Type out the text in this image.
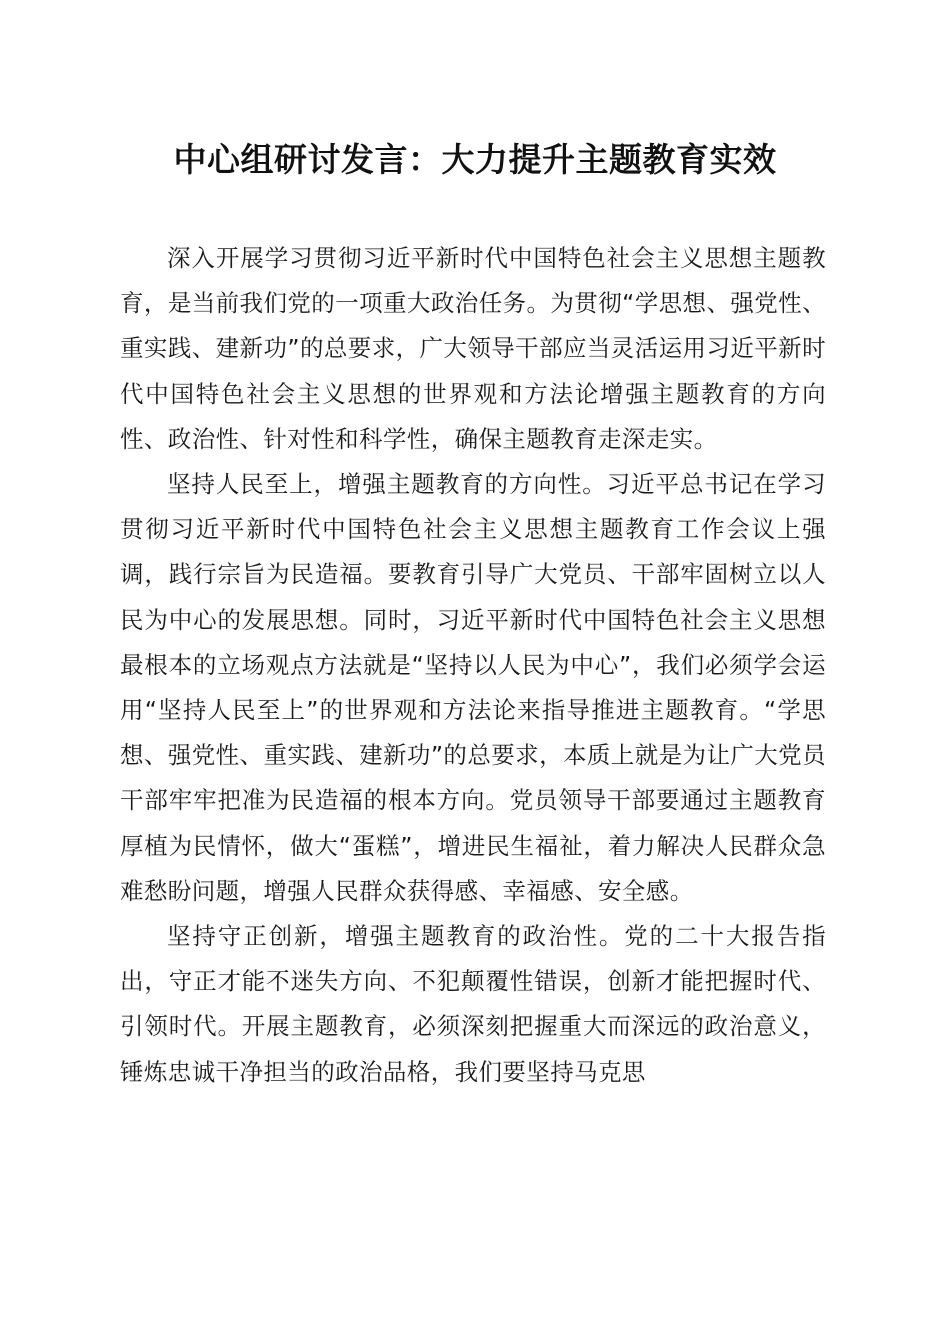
中心组研讨发言：大力提升主题教育实效

深入开展学习贯彻习近平新时代中国特色社会主义思想主题教育，是当前我们党的一项重大政治任务。为贯彻“学思想、强党性、重实践、建新功”的总要求，广大领导干部应当灵活运用习近平新时代中国特色社会主义思想的世界观和方法论增强主题教育的方向性、政治性、针对性和科学性，确保主题教育走深走实。

坚持人民至上，增强主题教育的方向性。习近平总书记在学习贯彻习近平新时代中国特色社会主义思想主题教育工作会议上强调，践行宗旨为民造福。要教育引导广大党员、干部牢固树立以人民为中心的发展思想。同时，习近平新时代中国特色社会主义思想最根本的立场观点方法就是“坚持以人民为中心”，我们必须学会运用“坚持人民至上”的世界观和方法论来指导推进主题教育。“学思想、强党性、重实践、建新功”的总要求，本质上就是为让广大党员干部牢牢把准为民造福的根本方向。党员领导干部要通过主题教育厚植为民情怀，做大“蛋糕”，增进民生福祉，着力解决人民群众急难愁盼问题，增强人民群众获得感、幸福感、安全感。

坚持守正创新，增强主题教育的政治性。党的二十大报告指出，守正才能不迷失方向、不犯颠覆性错误，创新才能把握时代、引领时代。开展主题教育，必须深刻把握重大而深远的政治意义，锤炼忠诚干净担当的政治品格，我们要坚持马克思
